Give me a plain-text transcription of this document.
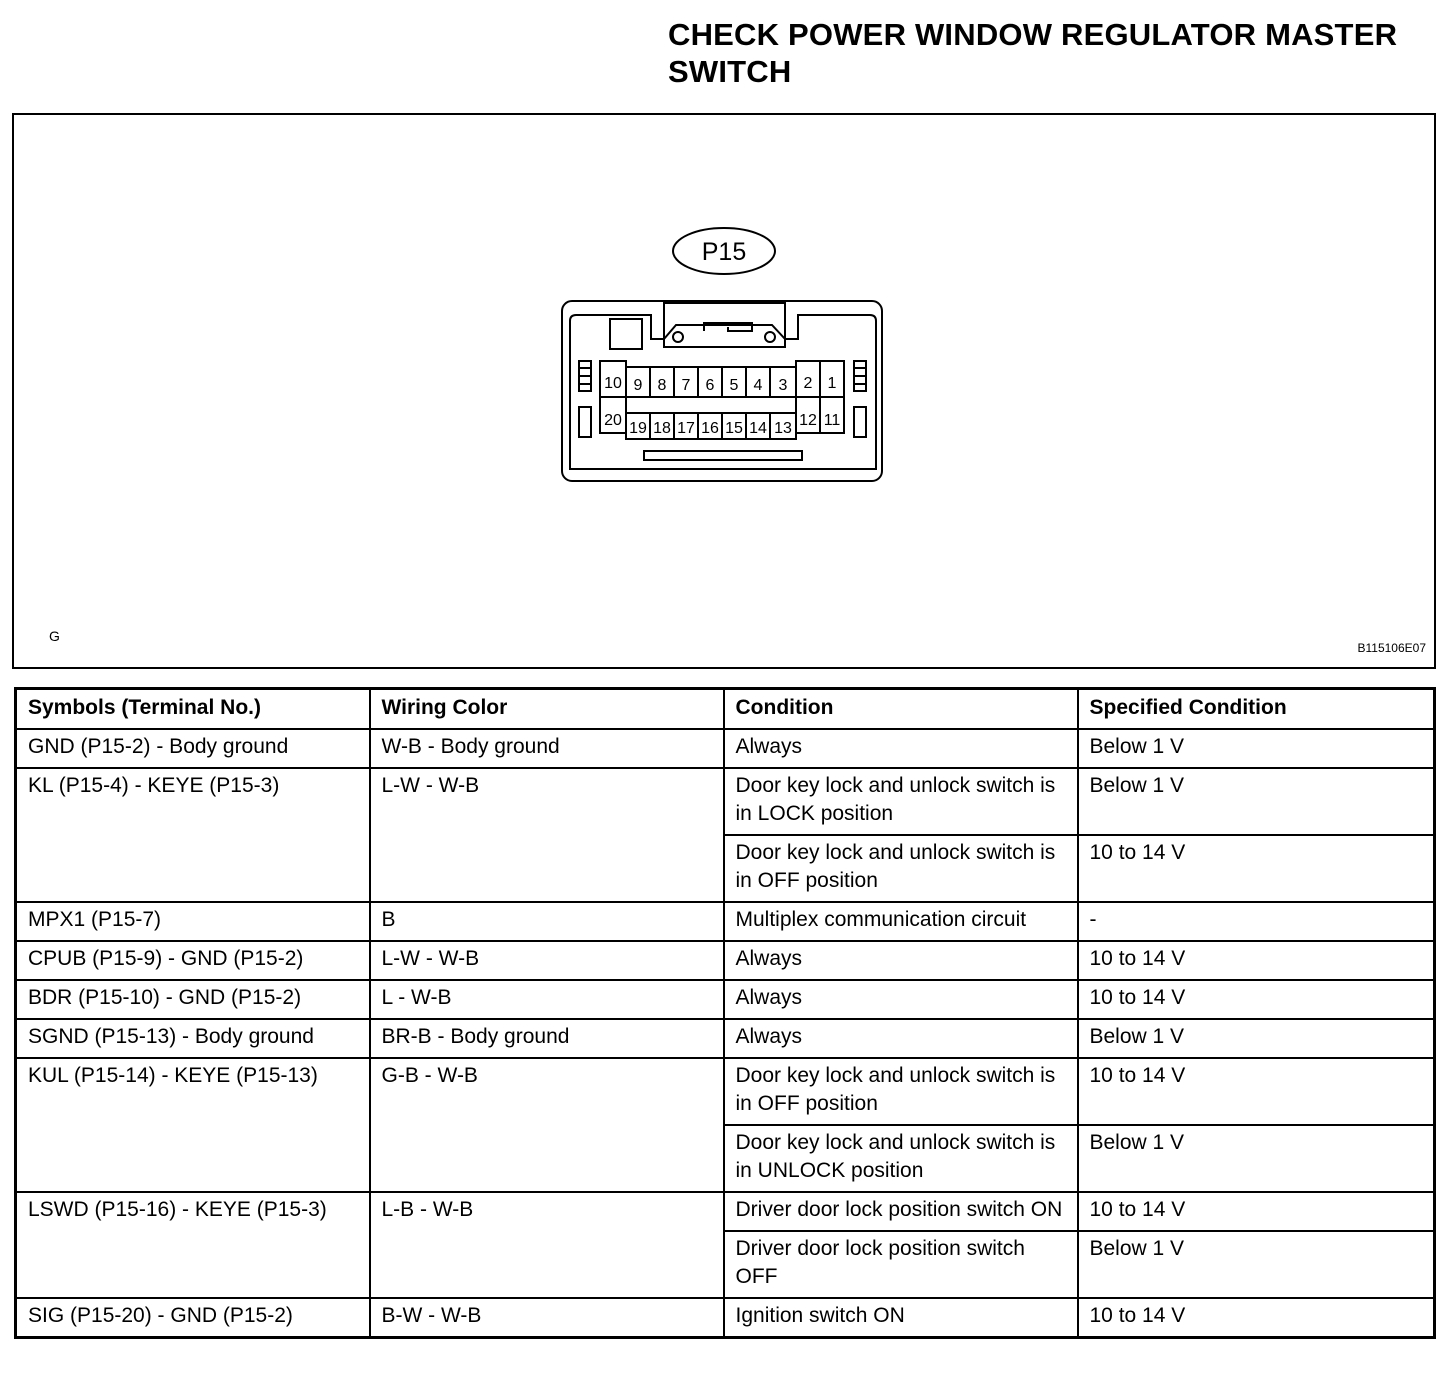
CHECK POWER WINDOW REGULATOR MASTER
SWITCH
P15
10 9 8 7 6 5 4 3 2 1
20 19 18 17 16 15 14 13 12 11
G
B115106E07
Symbols (Terminal No.)	Wiring Color	Condition	Specified Condition
GND (P15-2) - Body ground	W-B - Body ground	Always	Below 1 V
KL (P15-4) - KEYE (P15-3)	L-W - W-B	Door key lock and unlock switch is in LOCK position	Below 1 V
		Door key lock and unlock switch is in OFF position	10 to 14 V
MPX1 (P15-7)	B	Multiplex communication circuit	-
CPUB (P15-9) - GND (P15-2)	L-W - W-B	Always	10 to 14 V
BDR (P15-10) - GND (P15-2)	L - W-B	Always	10 to 14 V
SGND (P15-13) - Body ground	BR-B - Body ground	Always	Below 1 V
KUL (P15-14) - KEYE (P15-13)	G-B - W-B	Door key lock and unlock switch is in OFF position	10 to 14 V
		Door key lock and unlock switch is in UNLOCK position	Below 1 V
LSWD (P15-16) - KEYE (P15-3)	L-B - W-B	Driver door lock position switch ON	10 to 14 V
		Driver door lock position switch OFF	Below 1 V
SIG (P15-20) - GND (P15-2)	B-W - W-B	Ignition switch ON	10 to 14 V
